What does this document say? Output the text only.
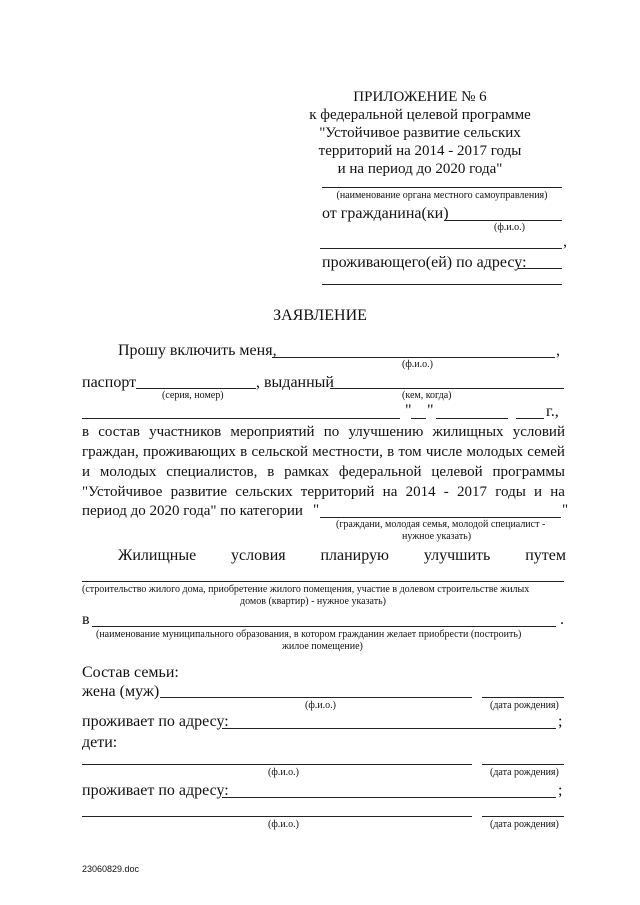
ПРИЛОЖЕНИЕ № 6
к федеральной целевой программе
"Устойчивое развитие сельских
территорий на 2014 - 2017 годы
и на период до 2020 года"
(наименование органа местного самоуправления)
от гражданина(ки)
(ф.и.о.)
,
проживающего(ей) по адресу:
ЗАЯВЛЕНИЕ
Прошу включить меня,	,
(ф.и.о.)
паспорт	, выданный
(серия, номер)	(кем, когда)
" "	г.,
в состав участников мероприятий по улучшению жилищных условий
граждан, проживающих в сельской местности, в том числе молодых семей
и молодых специалистов, в рамках федеральной целевой программы
"Устойчивое развитие сельских территорий на 2014 - 2017 годы и на
период до 2020 года" по категории "	"
(граждани, молодая семья, молодой специалист -
нужное указать)
Жилищные условия планирую улучшить путем
(строительство жилого дома, приобретение жилого помещения, участие в долевом строительстве жилых
домов (квартир) - нужное указать)
в	.
(наименование муниципального образования, в котором гражданин желает приобрести (построить)
жилое помещение)
Состав семьи:
жена (муж)
(ф.и.о.)	(дата рождения)
проживает по адресу:	;
дети:
(ф.и.о.)	(дата рождения)
проживает по адресу:	;
(ф.и.о.)	(дата рождения)
23060829.doc
